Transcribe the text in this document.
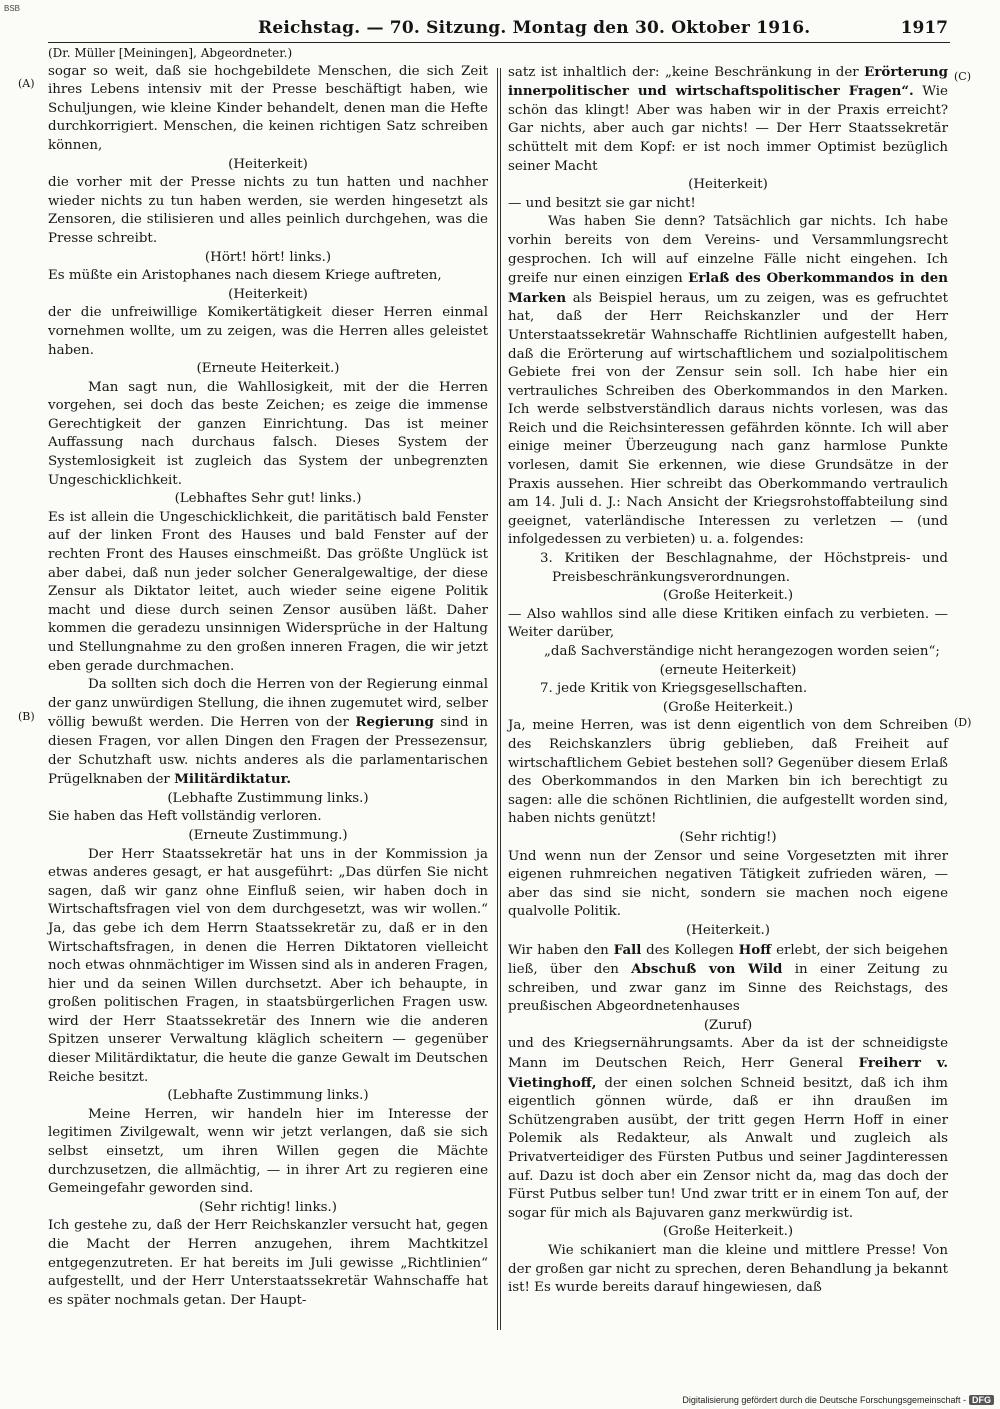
BSB
Reichstag. — 70. Sitzung. Montag den 30. Oktober 1916.	1917
(A)
(B)
(C)
(D)

(Dr. Müller [Meiningen], Abgeordneter.)

sogar so weit, daß sie hochgebildete Menschen, die sich Zeit ihres Lebens intensiv mit der Presse beschäftigt haben, wie Schuljungen, wie kleine Kinder behandelt, denen man die Hefte durchkorrigiert. Menschen, die keinen richtigen Satz schreiben können,

(Heiterkeit)

die vorher mit der Presse nichts zu tun hatten und nachher wieder nichts zu tun haben werden, sie werden hingesetzt als Zensoren, die stilisieren und alles peinlich durchgehen, was die Presse schreibt.

(Hört! hört! links.)

Es müßte ein Aristophanes nach diesem Kriege auftreten,

(Heiterkeit)

der die unfreiwillige Komikertätigkeit dieser Herren einmal vornehmen wollte, um zu zeigen, was die Herren alles geleistet haben.

(Erneute Heiterkeit.)

Man sagt nun, die Wahllosigkeit, mit der die Herren vorgehen, sei doch das beste Zeichen; es zeige die immense Gerechtigkeit der ganzen Einrichtung. Das ist meiner Auffassung nach durchaus falsch. Dieses System der Systemlosigkeit ist zugleich das System der unbegrenzten Ungeschicklichkeit.

(Lebhaftes Sehr gut! links.)

Es ist allein die Ungeschicklichkeit, die paritätisch bald Fenster auf der linken Front des Hauses und bald Fenster auf der rechten Front des Hauses einschmeißt. Das größte Unglück ist aber dabei, daß nun jeder solcher Generalgewaltige, der diese Zensur als Diktator leitet, auch wieder seine eigene Politik macht und diese durch seinen Zensor ausüben läßt. Daher kommen die geradezu unsinnigen Widersprüche in der Haltung und Stellungnahme zu den großen inneren Fragen, die wir jetzt eben gerade durchmachen.

Da sollten sich doch die Herren von der Regierung einmal der ganz unwürdigen Stellung, die ihnen zugemutet wird, selber völlig bewußt werden. Die Herren von der Regierung sind in diesen Fragen, vor allen Dingen den Fragen der Pressezensur, der Schutzhaft usw. nichts anderes als die parlamentarischen Prügelknaben der Militärdiktatur.

(Lebhafte Zustimmung links.)

Sie haben das Heft vollständig verloren.

(Erneute Zustimmung.)

Der Herr Staatssekretär hat uns in der Kommission ja etwas anderes gesagt, er hat ausgeführt: „Das dürfen Sie nicht sagen, daß wir ganz ohne Einfluß seien, wir haben doch in Wirtschaftsfragen viel von dem durchgesetzt, was wir wollen.“ Ja, das gebe ich dem Herrn Staatssekretär zu, daß er in den Wirtschaftsfragen, in denen die Herren Diktatoren vielleicht noch etwas ohnmächtiger im Wissen sind als in anderen Fragen, hier und da seinen Willen durchsetzt. Aber ich behaupte, in großen politischen Fragen, in staatsbürgerlichen Fragen usw. wird der Herr Staatssekretär des Innern wie die anderen Spitzen unserer Verwaltung kläglich scheitern — gegenüber dieser Militärdiktatur, die heute die ganze Gewalt im Deutschen Reiche besitzt.

(Lebhafte Zustimmung links.)

Meine Herren, wir handeln hier im Interesse der legitimen Zivilgewalt, wenn wir jetzt verlangen, daß sie sich selbst einsetzt, um ihren Willen gegen die Mächte durchzusetzen, die allmächtig, — in ihrer Art zu regieren eine Gemeingefahr geworden sind.

(Sehr richtig! links.)

Ich gestehe zu, daß der Herr Reichskanzler versucht hat, gegen die Macht der Herren anzugehen, ihrem Machtkitzel entgegenzutreten. Er hat bereits im Juli gewisse „Richtlinien“ aufgestellt, und der Herr Unterstaatssekretär Wahnschaffe hat es später nochmals getan. Der Haupt-

satz ist inhaltlich der: „keine Beschränkung in der Erörterung innerpolitischer und wirtschaftspolitischer Fragen“. Wie schön das klingt! Aber was haben wir in der Praxis erreicht? Gar nichts, aber auch gar nichts! — Der Herr Staatssekretär schüttelt mit dem Kopf: er ist noch immer Optimist bezüglich seiner Macht

(Heiterkeit)

— und besitzt sie gar nicht!

Was haben Sie denn? Tatsächlich gar nichts. Ich habe vorhin bereits von dem Vereins- und Versammlungsrecht gesprochen. Ich will auf einzelne Fälle nicht eingehen. Ich greife nur einen einzigen Erlaß des Oberkommandos in den Marken als Beispiel heraus, um zu zeigen, was es gefruchtet hat, daß der Herr Reichskanzler und der Herr Unterstaatssekretär Wahnschaffe Richtlinien aufgestellt haben, daß die Erörterung auf wirtschaftlichem und sozialpolitischem Gebiete frei von der Zensur sein soll. Ich habe hier ein vertrauliches Schreiben des Oberkommandos in den Marken. Ich werde selbstverständlich daraus nichts vorlesen, was das Reich und die Reichsinteressen gefährden könnte. Ich will aber einige meiner Überzeugung nach ganz harmlose Punkte vorlesen, damit Sie erkennen, wie diese Grundsätze in der Praxis aussehen. Hier schreibt das Oberkommando vertraulich am 14. Juli d. J.: Nach Ansicht der Kriegsrohstoffabteilung sind geeignet, vaterländische Interessen zu verletzen — (und infolgedessen zu verbieten) u. a. folgendes:

3. Kritiken der Beschlagnahme, der Höchstpreis- und Preisbeschränkungsverordnungen.

(Große Heiterkeit.)

— Also wahllos sind alle diese Kritiken einfach zu verbieten. — Weiter darüber,

„daß Sachverständige nicht herangezogen worden seien“;

(erneute Heiterkeit)

7. jede Kritik von Kriegsgesellschaften.

(Große Heiterkeit.)

Ja, meine Herren, was ist denn eigentlich von dem Schreiben des Reichskanzlers übrig geblieben, daß Freiheit auf wirtschaftlichem Gebiet bestehen soll? Gegenüber diesem Erlaß des Oberkommandos in den Marken bin ich berechtigt zu sagen: alle die schönen Richtlinien, die aufgestellt worden sind, haben nichts genützt!

(Sehr richtig!)

Und wenn nun der Zensor und seine Vorgesetzten mit ihrer eigenen ruhmreichen negativen Tätigkeit zufrieden wären, — aber das sind sie nicht, sondern sie machen noch eigene qualvolle Politik.

(Heiterkeit.)

Wir haben den Fall des Kollegen Hoff erlebt, der sich beigehen ließ, über den Abschuß von Wild in einer Zeitung zu schreiben, und zwar ganz im Sinne des Reichstags, des preußischen Abgeordnetenhauses

(Zuruf)

und des Kriegsernährungsamts. Aber da ist der schneidigste Mann im Deutschen Reich, Herr General Freiherr v. Vietinghoff, der einen solchen Schneid besitzt, daß ich ihm eigentlich gönnen würde, daß er ihn draußen im Schützengraben ausübt, der tritt gegen Herrn Hoff in einer Polemik als Redakteur, als Anwalt und zugleich als Privatverteidiger des Fürsten Putbus und seiner Jagdinteressen auf. Dazu ist doch aber ein Zensor nicht da, mag das doch der Fürst Putbus selber tun! Und zwar tritt er in einem Ton auf, der sogar für mich als Bajuvaren ganz merkwürdig ist.

(Große Heiterkeit.)

Wie schikaniert man die kleine und mittlere Presse! Von der großen gar nicht zu sprechen, deren Behandlung ja bekannt ist! Es wurde bereits darauf hingewiesen, daß

Digitalisierung gefördert durch die Deutsche Forschungsgemeinschaft - DFG
